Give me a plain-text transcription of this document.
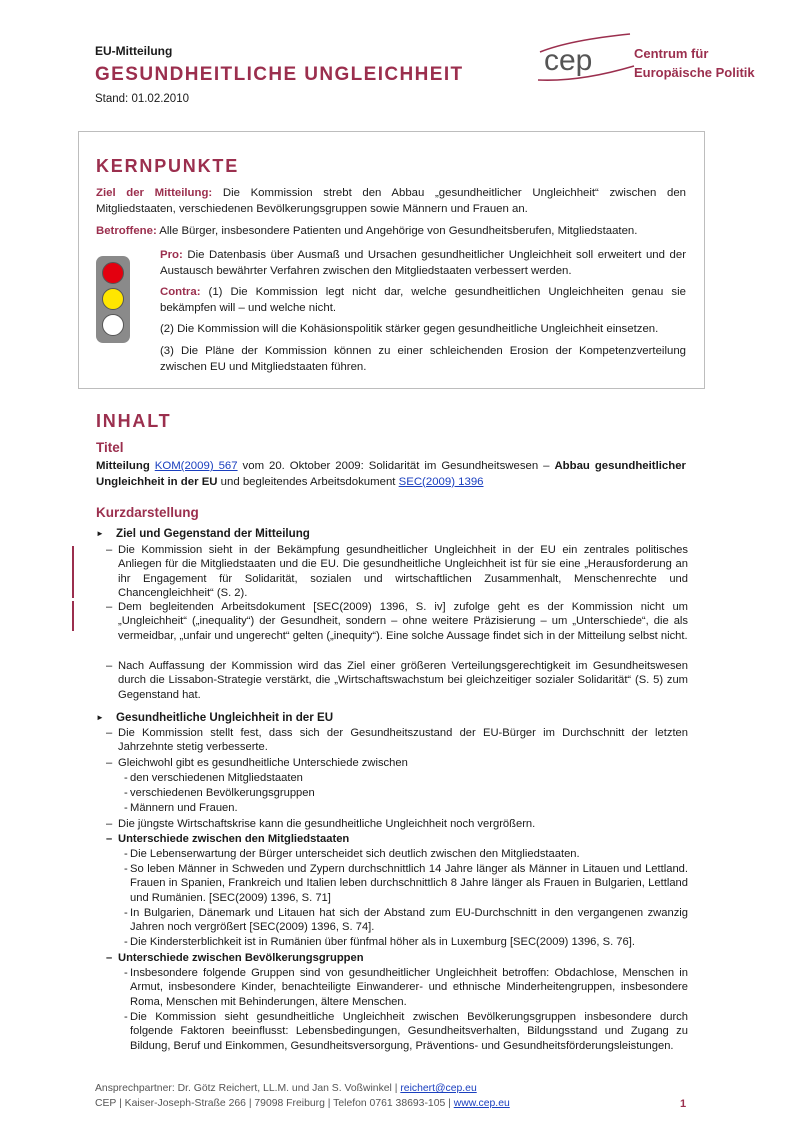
EU-Mitteilung
GESUNDHEITLICHE UNGLEICHHEIT
Stand: 01.02.2010
cep	Centrum für
Europäische Politik
KERNPUNKTE
Ziel der Mitteilung: Die Kommission strebt den Abbau „gesundheitlicher Ungleichheit“ zwischen den Mitgliedstaaten, verschiedenen Bevölkerungsgruppen sowie Männern und Frauen an.
Betroffene: Alle Bürger, insbesondere Patienten und Angehörige von Gesundheitsberufen, Mitgliedstaaten.
Pro: Die Datenbasis über Ausmaß und Ursachen gesundheitlicher Ungleichheit soll erweitert und der Austausch bewährter Verfahren zwischen den Mitgliedstaaten verbessert werden.
Contra: (1) Die Kommission legt nicht dar, welche gesundheitlichen Ungleichheiten genau sie bekämpfen will – und welche nicht.
(2) Die Kommission will die Kohäsionspolitik stärker gegen gesundheitliche Ungleichheit einsetzen.
(3) Die Pläne der Kommission können zu einer schleichenden Erosion der Kompetenzverteilung zwischen EU und Mitgliedstaaten führen.
INHALT
Titel
Mitteilung KOM(2009) 567 vom 20. Oktober 2009: Solidarität im Gesundheitswesen – Abbau gesundheitlicher Ungleichheit in der EU und begleitendes Arbeitsdokument SEC(2009) 1396
Kurzdarstellung
► Ziel und Gegenstand der Mitteilung
– Die Kommission sieht in der Bekämpfung gesundheitlicher Ungleichheit in der EU ein zentrales politisches Anliegen für die Mitgliedstaaten und die EU. Die gesundheitliche Ungleichheit ist für sie eine „Herausforderung an ihr Engagement für Solidarität, sozialen und wirtschaftlichen Zusammenhalt, Menschenrechte und Chancengleichheit“ (S. 2).
– Dem begleitenden Arbeitsdokument [SEC(2009) 1396, S. iv] zufolge geht es der Kommission nicht um „Ungleichheit“ („inequality“) der Gesundheit, sondern – ohne weitere Präzisierung – um „Unterschiede“, die als vermeidbar, „unfair und ungerecht“ gelten („inequity“). Eine solche Aussage findet sich in der Mitteilung selbst nicht.
– Nach Auffassung der Kommission wird das Ziel einer größeren Verteilungsgerechtigkeit im Gesundheitswesen durch die Lissabon-Strategie verstärkt, die „Wirtschaftswachstum bei gleichzeitiger sozialer Solidarität“ (S. 5) zum Gegenstand hat.
► Gesundheitliche Ungleichheit in der EU
– Die Kommission stellt fest, dass sich der Gesundheitszustand der EU-Bürger im Durchschnitt der letzten Jahrzehnte stetig verbesserte.
– Gleichwohl gibt es gesundheitliche Unterschiede zwischen
- den verschiedenen Mitgliedstaaten
- verschiedenen Bevölkerungsgruppen
- Männern und Frauen.
– Die jüngste Wirtschaftskrise kann die gesundheitliche Ungleichheit noch vergrößern.
– Unterschiede zwischen den Mitgliedstaaten
- Die Lebenserwartung der Bürger unterscheidet sich deutlich zwischen den Mitgliedstaaten.
- So leben Männer in Schweden und Zypern durchschnittlich 14 Jahre länger als Männer in Litauen und Lettland. Frauen in Spanien, Frankreich und Italien leben durchschnittlich 8 Jahre länger als Frauen in Bulgarien, Lettland und Rumänien. [SEC(2009) 1396, S. 71]
- In Bulgarien, Dänemark und Litauen hat sich der Abstand zum EU-Durchschnitt in den vergangenen zwanzig Jahren noch vergrößert [SEC(2009) 1396, S. 74].
- Die Kindersterblichkeit ist in Rumänien über fünfmal höher als in Luxemburg [SEC(2009) 1396, S. 76].
– Unterschiede zwischen Bevölkerungsgruppen
- Insbesondere folgende Gruppen sind von gesundheitlicher Ungleichheit betroffen: Obdachlose, Menschen in Armut, insbesondere Kinder, benachteiligte Einwanderer- und ethnische Minderheitengruppen, insbesondere Roma, Menschen mit Behinderungen, ältere Menschen.
- Die Kommission sieht gesundheitliche Ungleichheit zwischen Bevölkerungsgruppen insbesondere durch folgende Faktoren beeinflusst: Lebensbedingungen, Gesundheitsverhalten, Bildungsstand und Zugang zu Bildung, Beruf und Einkommen, Gesundheitsversorgung, Präventions- und Gesundheitsförderungsleistungen.
Ansprechpartner: Dr. Götz Reichert, LL.M. und Jan S. Voßwinkel | reichert@cep.eu
CEP | Kaiser-Joseph-Straße 266 | 79098 Freiburg | Telefon 0761 38693-105 | www.cep.eu	1
